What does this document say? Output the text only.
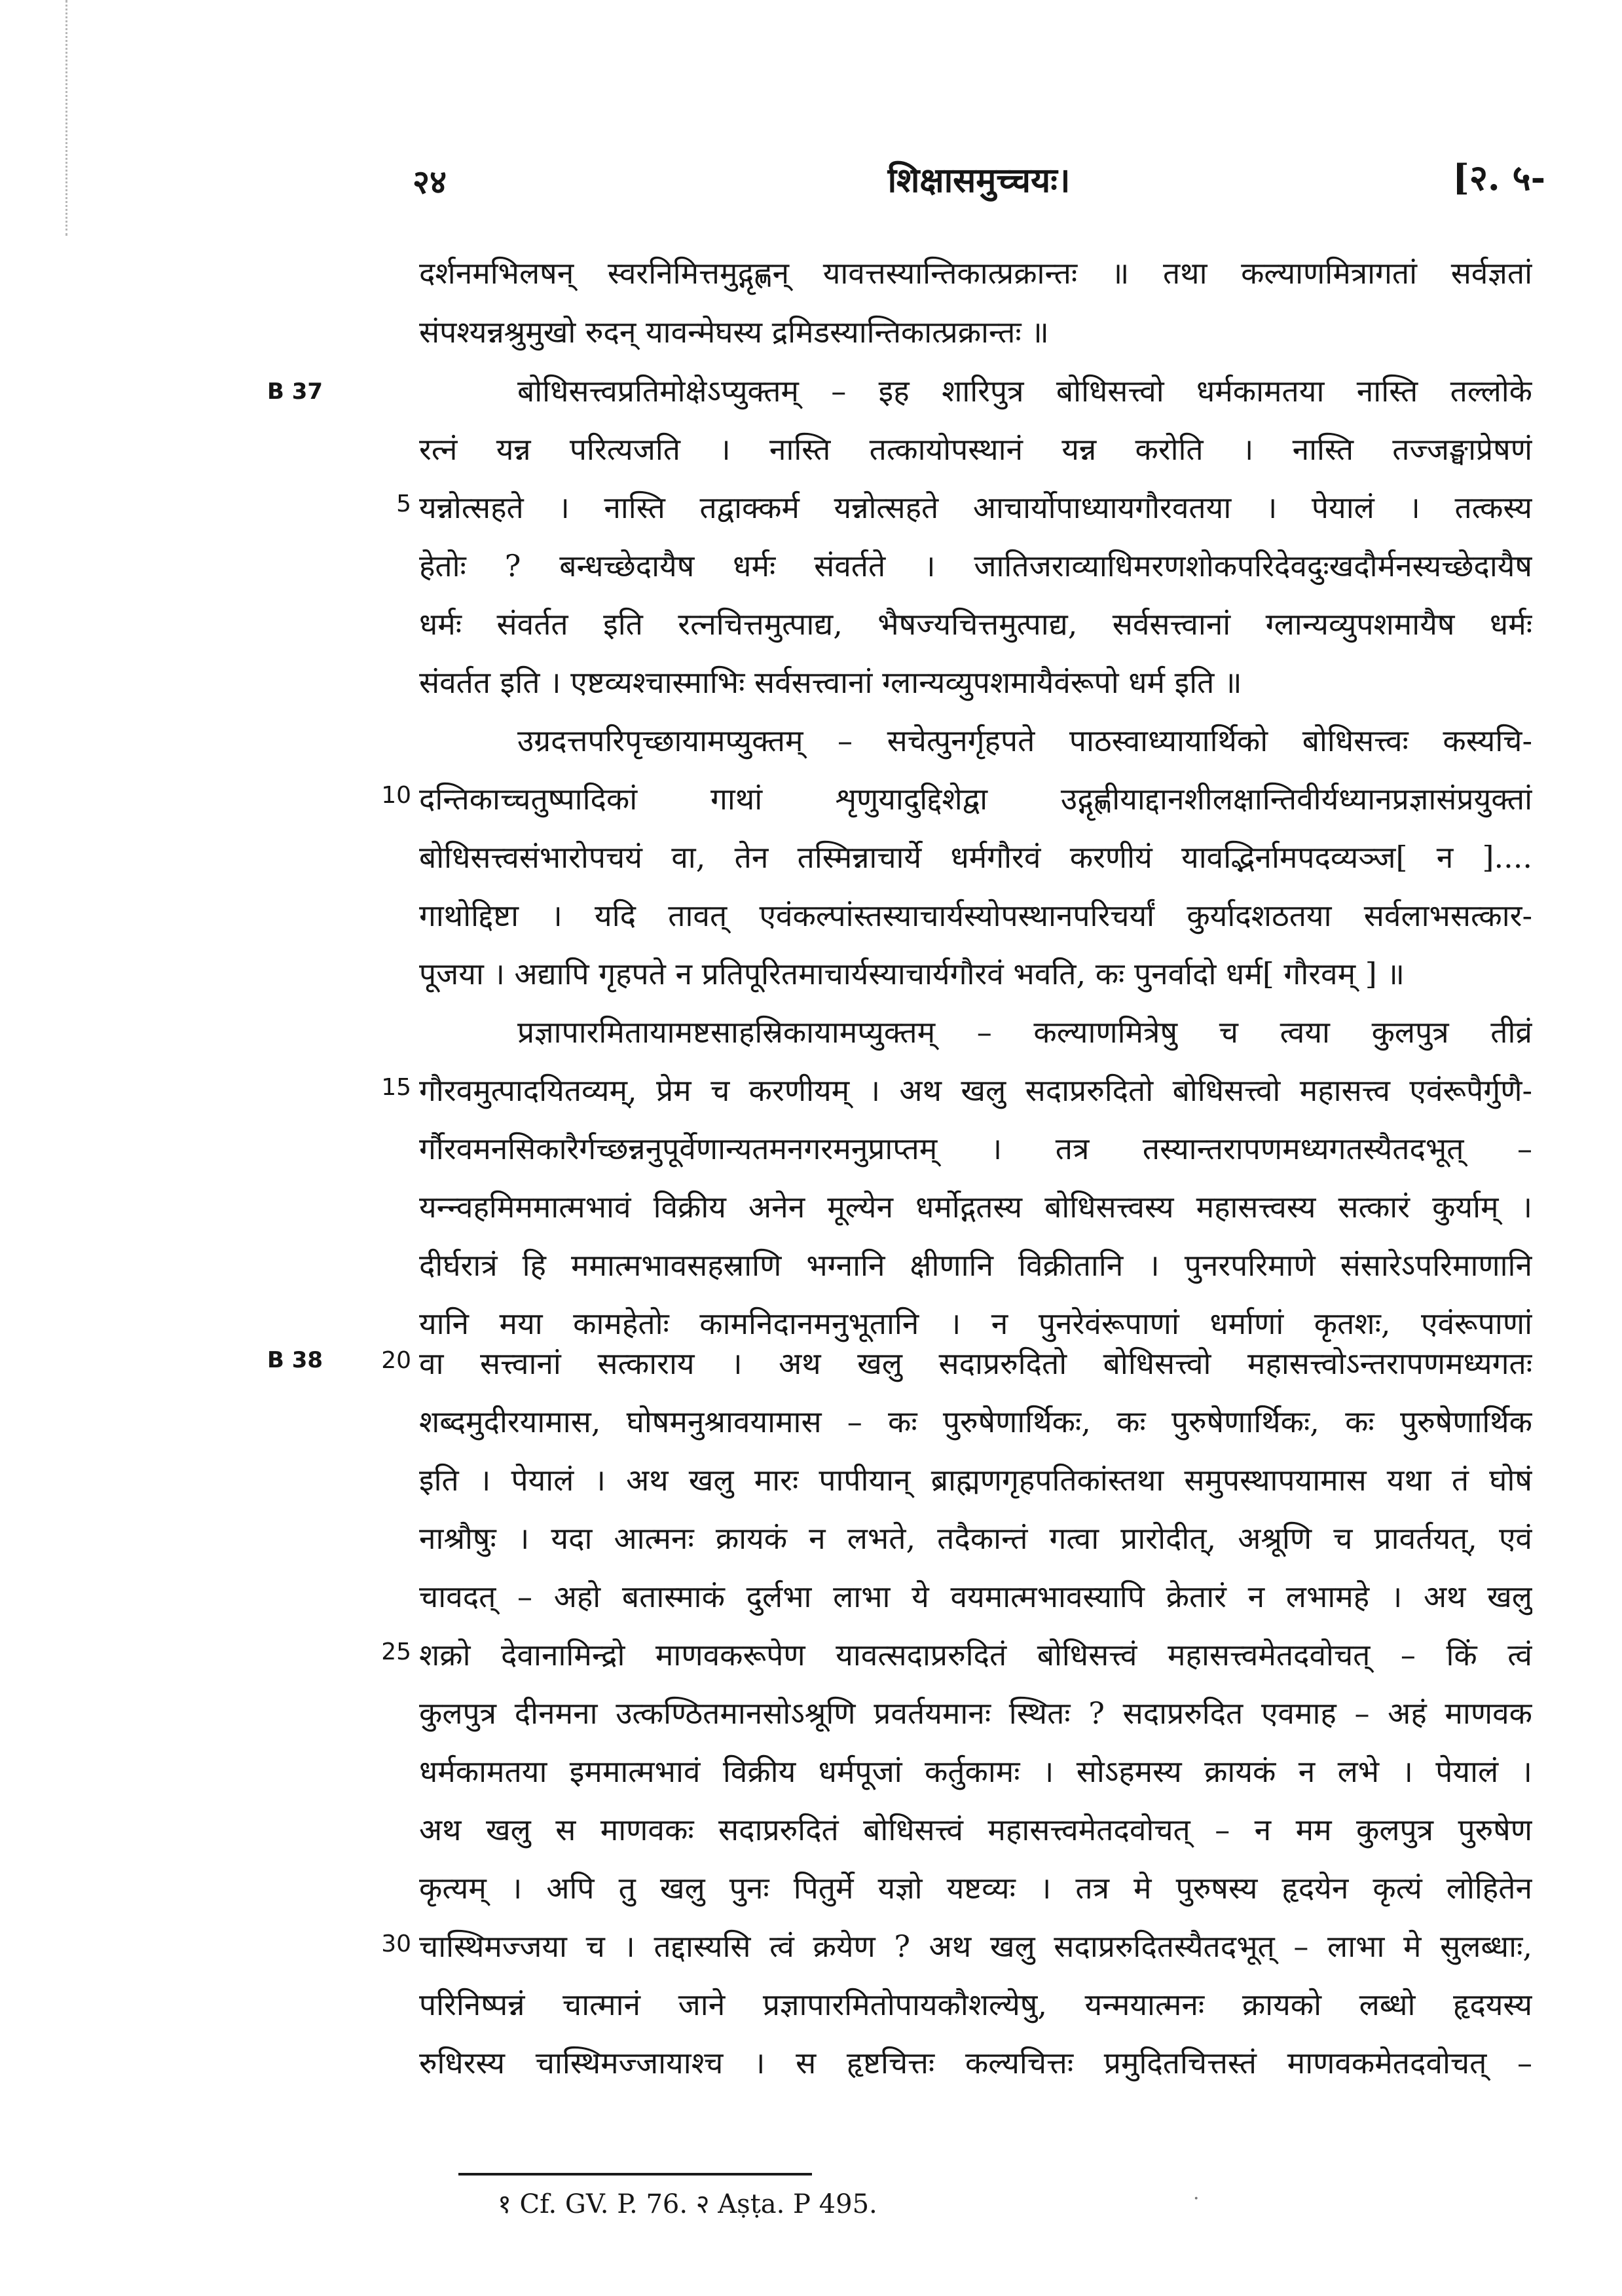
२४	शिक्षासमुच्चयः।	[२. ५-
B 37
B 38
5
10
15
20
25
30
दर्शनमभिलषन् स्वरनिमित्तमुद्गृह्णन् यावत्तस्यान्तिकात्प्रक्रान्तः ॥ तथा कल्याणमित्रागतां सर्वज्ञतां
संपश्यन्नश्रुमुखो रुदन् यावन्मेघस्य द्रमिडस्यान्तिकात्प्रक्रान्तः ॥
बोधिसत्त्वप्रतिमोक्षेऽप्युक्तम् – इह शारिपुत्र बोधिसत्त्वो धर्मकामतया नास्ति तल्लोके
रत्नं यन्न परित्यजति । नास्ति तत्कायोपस्थानं यन्न करोति । नास्ति तज्जङ्घाप्रेषणं
यन्नोत्सहते । नास्ति तद्वाक्कर्म यन्नोत्सहते आचार्योपाध्यायगौरवतया । पेयालं । तत्कस्य
हेतोः ? बन्धच्छेदायैष धर्मः संवर्तते । जातिजराव्याधिमरणशोकपरिदेवदुःखदौर्मनस्यच्छेदायैष
धर्मः संवर्तत इति रत्नचित्तमुत्पाद्य, भैषज्यचित्तमुत्पाद्य, सर्वसत्त्वानां ग्लान्यव्युपशमायैष धर्मः
संवर्तत इति । एष्टव्यश्चास्माभिः सर्वसत्त्वानां ग्लान्यव्युपशमायैवंरूपो धर्म इति ॥
उग्रदत्तपरिपृच्छायामप्युक्तम् – सचेत्पुनर्गृहपते पाठस्वाध्यायार्थिको बोधिसत्त्वः कस्यचि-
दन्तिकाच्चतुष्पादिकां गाथां शृणुयादुद्दिशेद्वा उद्गृह्णीयाद्दानशीलक्षान्तिवीर्यध्यानप्रज्ञासंप्रयुक्तां
बोधिसत्त्वसंभारोपचयं वा, तेन तस्मिन्नाचार्ये धर्मगौरवं करणीयं यावद्भिर्नामपदव्यञ्ज[ न ]....
गाथोद्दिष्टा । यदि तावत् एवंकल्पांस्तस्याचार्यस्योपस्थानपरिचर्यां कुर्यादशठतया सर्वलाभसत्कार-
पूजया । अद्यापि गृहपते न प्रतिपूरितमाचार्यस्याचार्यगौरवं भवति, कः पुनर्वादो धर्म[ गौरवम् ] ॥
प्रज्ञापारमितायामष्टसाहस्रिकायामप्युक्तम् – कल्याणमित्रेषु च त्वया कुलपुत्र तीव्रं
गौरवमुत्पादयितव्यम्, प्रेम च करणीयम् । अथ खलु सदाप्ररुदितो बोधिसत्त्वो महासत्त्व एवंरूपैर्गुणै-
र्गौरवमनसिकारैर्गच्छन्ननुपूर्वेणान्यतमनगरमनुप्राप्तम् । तत्र तस्यान्तरापणमध्यगतस्यैतदभूत् –
यन्न्वहमिममात्मभावं विक्रीय अनेन मूल्येन धर्मोद्गतस्य बोधिसत्त्वस्य महासत्त्वस्य सत्कारं कुर्याम् ।
दीर्घरात्रं हि ममात्मभावसहस्राणि भग्नानि क्षीणानि विक्रीतानि । पुनरपरिमाणे संसारेऽपरिमाणानि
यानि मया कामहेतोः कामनिदानमनुभूतानि । न पुनरेवंरूपाणां धर्माणां कृतशः, एवंरूपाणां
वा सत्त्वानां सत्काराय । अथ खलु सदाप्ररुदितो बोधिसत्त्वो महासत्त्वोऽन्तरापणमध्यगतः
शब्दमुदीरयामास, घोषमनुश्रावयामास – कः पुरुषेणार्थिकः, कः पुरुषेणार्थिकः, कः पुरुषेणार्थिक
इति । पेयालं । अथ खलु मारः पापीयान् ब्राह्मणगृहपतिकांस्तथा समुपस्थापयामास यथा तं घोषं
नाश्रौषुः । यदा आत्मनः क्रायकं न लभते, तदैकान्तं गत्वा प्रारोदीत्, अश्रूणि च प्रावर्तयत्, एवं
चावदत् – अहो बतास्माकं दुर्लभा लाभा ये वयमात्मभावस्यापि क्रेतारं न लभामहे । अथ खलु
शक्रो देवानामिन्द्रो माणवकरूपेण यावत्सदाप्ररुदितं बोधिसत्त्वं महासत्त्वमेतदवोचत् – किं त्वं
कुलपुत्र दीनमना उत्कण्ठितमानसोऽश्रूणि प्रवर्तयमानः स्थितः ? सदाप्ररुदित एवमाह – अहं माणवक
धर्मकामतया इममात्मभावं विक्रीय धर्मपूजां कर्तुकामः । सोऽहमस्य क्रायकं न लभे । पेयालं ।
अथ खलु स माणवकः सदाप्ररुदितं बोधिसत्त्वं महासत्त्वमेतदवोचत् – न मम कुलपुत्र पुरुषेण
कृत्यम् । अपि तु खलु पुनः पितुर्मे यज्ञो यष्टव्यः । तत्र मे पुरुषस्य हृदयेन कृत्यं लोहितेन
चास्थिमज्जया च । तद्दास्यसि त्वं क्रयेण ? अथ खलु सदाप्ररुदितस्यैतदभूत् – लाभा मे सुलब्धाः,
परिनिष्पन्नं चात्मानं जाने प्रज्ञापारमितोपायकौशल्येषु, यन्मयात्मनः क्रायको लब्धो हृदयस्य
रुधिरस्य चास्थिमज्जायाश्च । स हृष्टचित्तः कल्यचित्तः प्रमुदितचित्तस्तं माणवकमेतदवोचत् –
१ Cf. GV. P. 76. २ Aṣṭa. P 495.	·
